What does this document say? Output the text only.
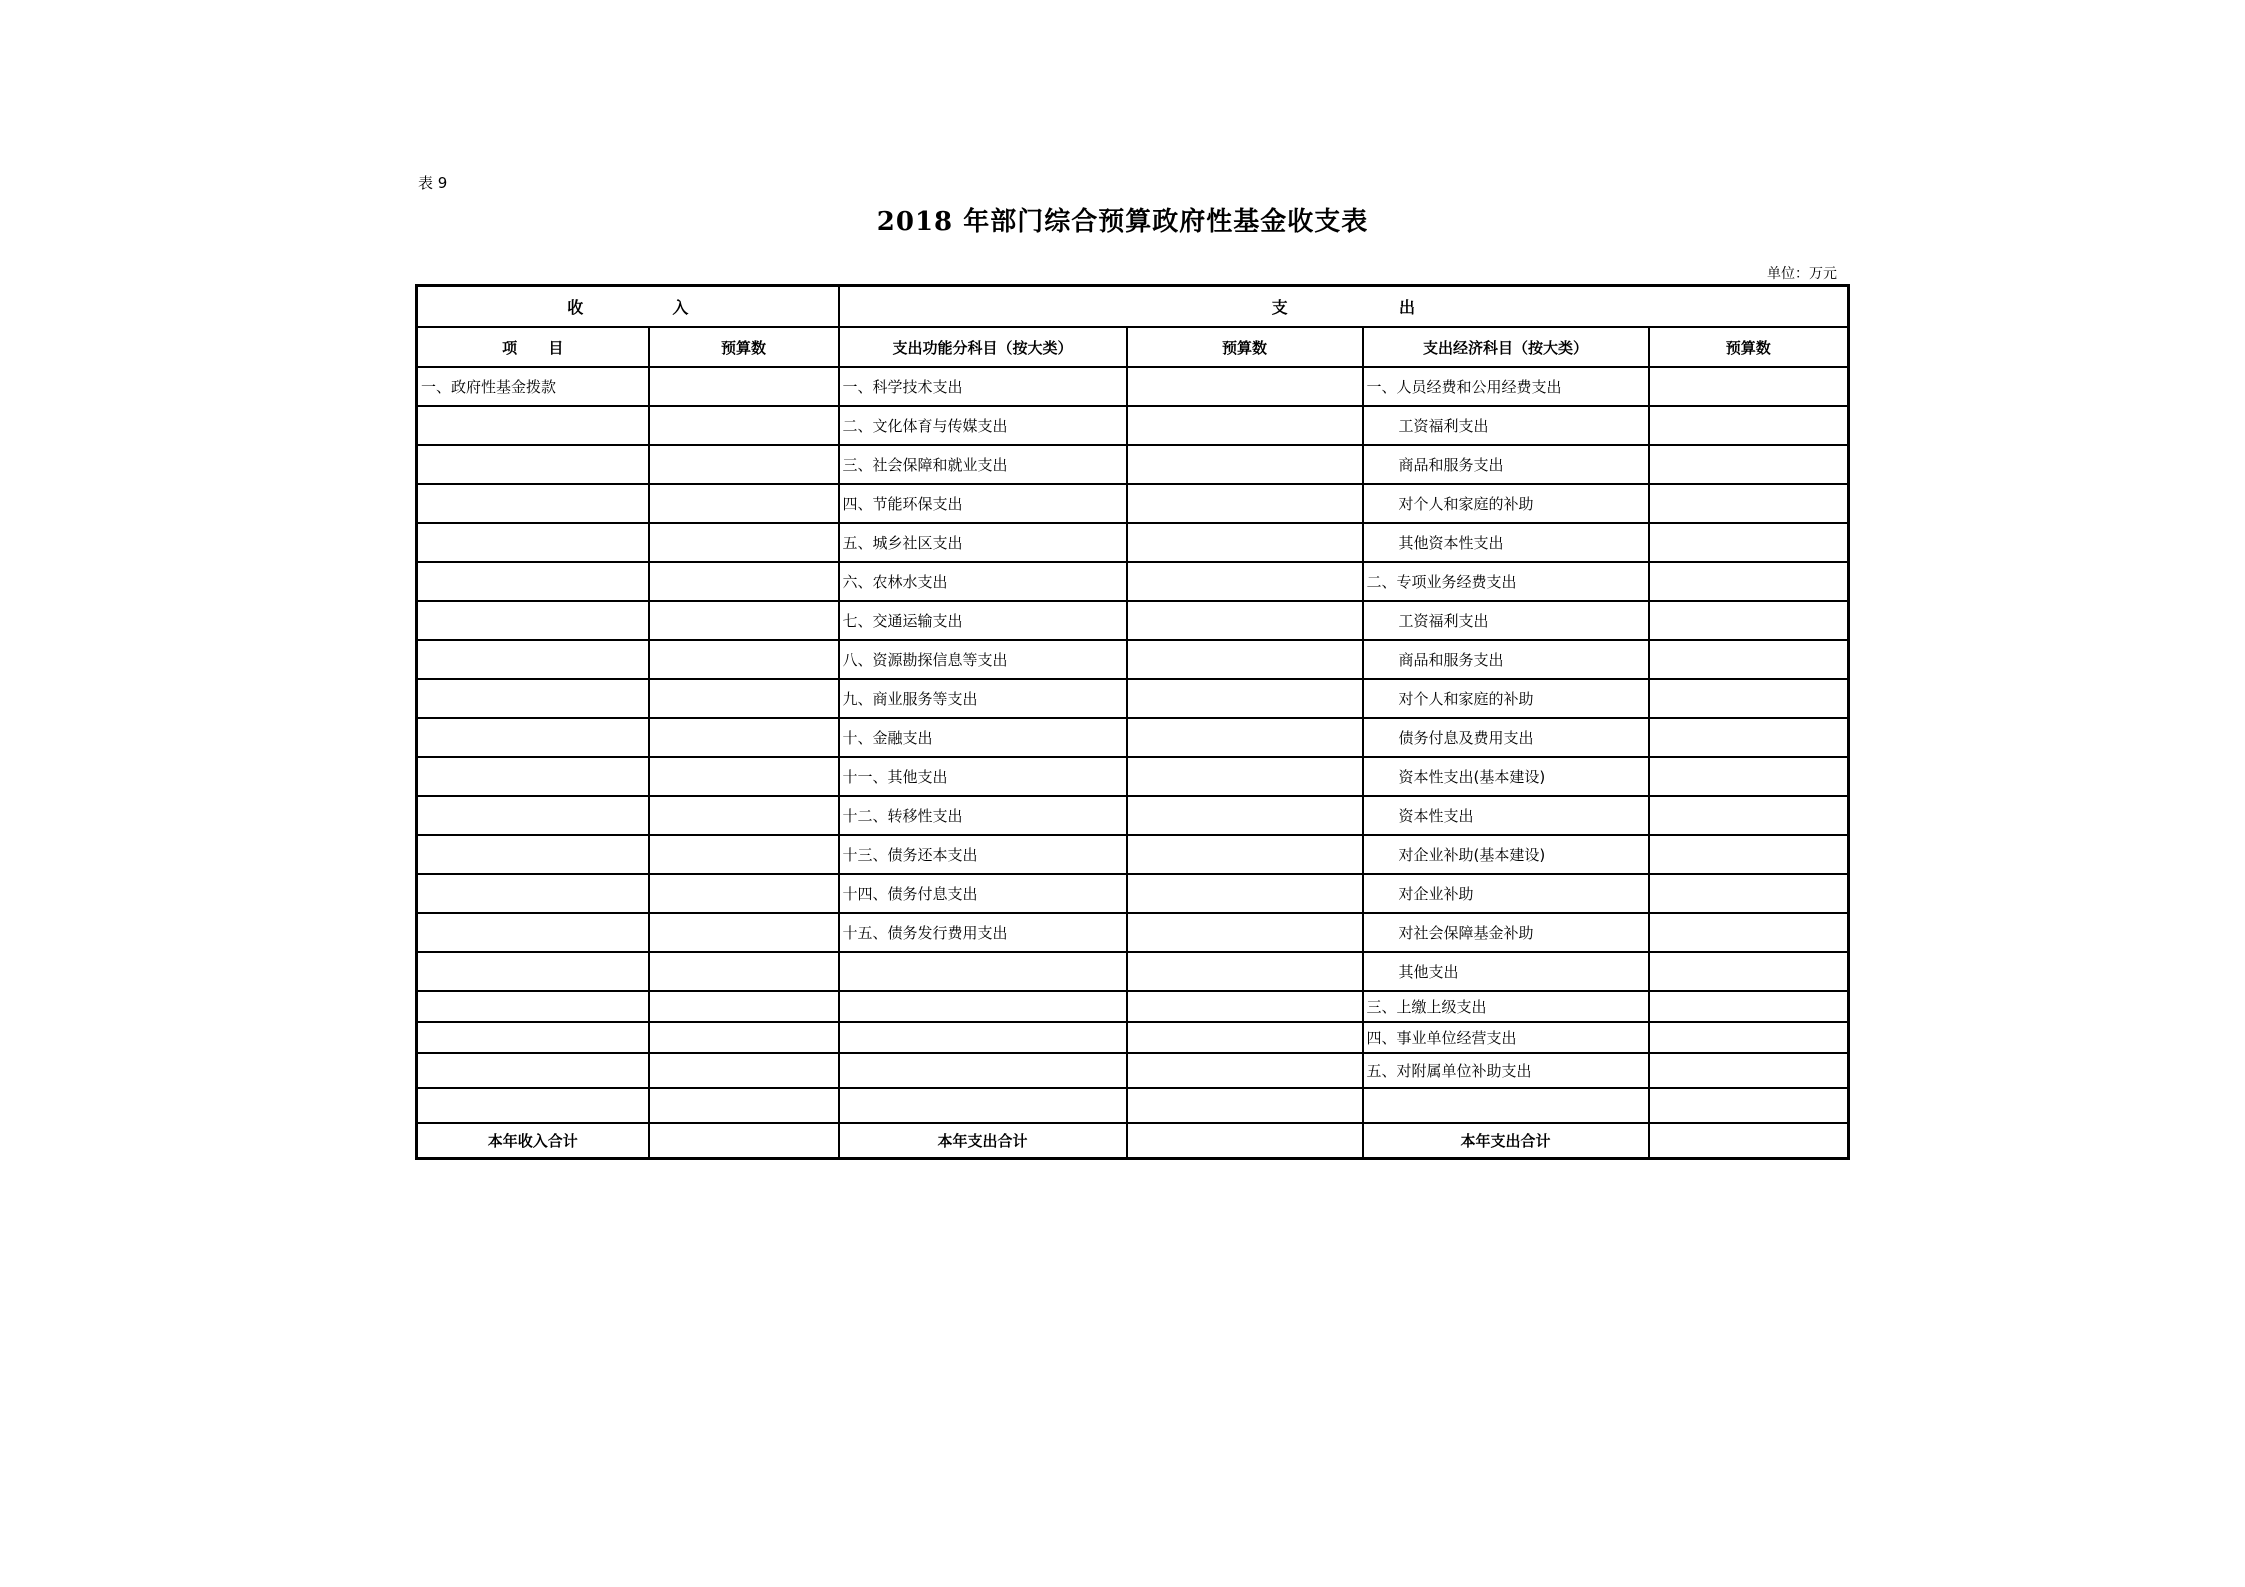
表 9
2018 年部门综合预算政府性基金收支表
单位：万元
收                入		支                    出			
项      目	预算数	支出功能分科目（按大类）	预算数	支出经济科目（按大类）	预算数
一、政府性基金拨款		一、科学技术支出		一、人员经费和公用经费支出	
		二、文化体育与传媒支出		工资福利支出	
		三、社会保障和就业支出		商品和服务支出	
		四、节能环保支出		对个人和家庭的补助	
		五、城乡社区支出		其他资本性支出	
		六、农林水支出		二、专项业务经费支出	
		七、交通运输支出		工资福利支出	
		八、资源勘探信息等支出		商品和服务支出	
		九、商业服务等支出		对个人和家庭的补助	
		十、金融支出		债务付息及费用支出	
		十一、其他支出		资本性支出(基本建设)	
		十二、转移性支出		资本性支出	
		十三、债务还本支出		对企业补助(基本建设)	
		十四、债务付息支出		对企业补助	
		十五、债务发行费用支出		对社会保障基金补助	
				其他支出	
				三、上缴上级支出	
				四、事业单位经营支出	
				五、对附属单位补助支出	

本年收入合计		本年支出合计		本年支出合计	
